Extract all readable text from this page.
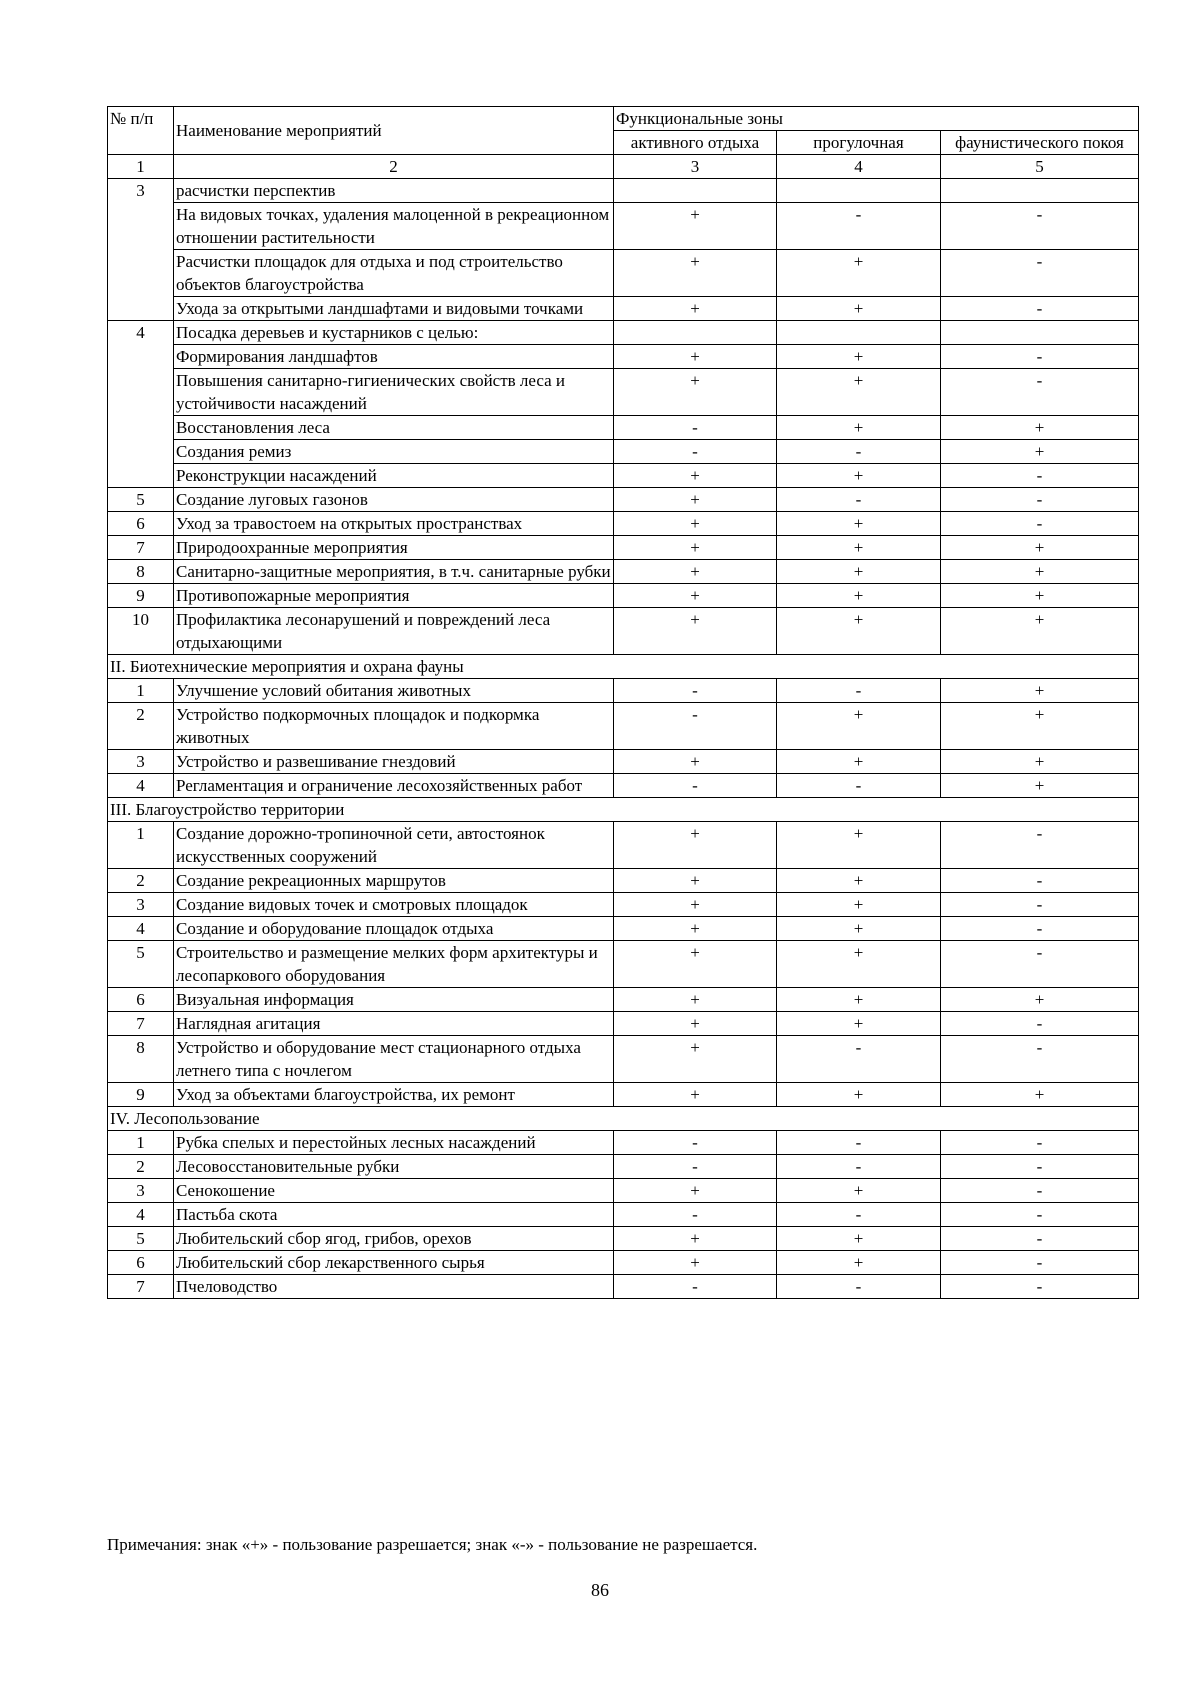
№ п/п	Наименование мероприятий	Функциональные зоны		
		активного отдыха	прогулочная	фаунистического покоя
1	2	3	4	5
3	расчистки перспектив			
	На видовых точках, удаления малоценной в рекреационном отношении растительности	+	-	-
	Расчистки площадок для отдыха и под строительство объектов благоустройства	+	+	-
	Ухода за открытыми ландшафтами и видовыми точками	+	+	-
4	Посадка деревьев и кустарников с целью:			
	Формирования ландшафтов	+	+	-
	Повышения санитарно-гигиенических свойств леса и устойчивости насаждений	+	+	-
	Восстановления леса	-	+	+
	Создания ремиз	-	-	+
	Реконструкции насаждений	+	+	-
5	Создание луговых газонов	+	-	-
6	Уход за травостоем на открытых пространствах	+	+	-
7	Природоохранные мероприятия	+	+	+
8	Санитарно-защитные мероприятия, в т.ч. санитарные рубки	+	+	+
9	Противопожарные мероприятия	+	+	+
10	Профилактика лесонарушений и повреждений леса отдыхающими	+	+	+
II. Биотехнические мероприятия и охрана фауны				
1	Улучшение условий обитания животных	-	-	+
2	Устройство подкормочных площадок и подкормка животных	-	+	+
3	Устройство и развешивание гнездовий	+	+	+
4	Регламентация и ограничение лесохозяйственных работ	-	-	+
III. Благоустройство территории				
1	Создание дорожно-тропиночной сети, автостоянок искусственных сооружений	+	+	-
2	Создание рекреационных маршрутов	+	+	-
3	Создание видовых точек и смотровых площадок	+	+	-
4	Создание и оборудование площадок отдыха	+	+	-
5	Строительство и размещение мелких форм архитектуры и лесопаркового оборудования	+	+	-
6	Визуальная информация	+	+	+
7	Наглядная агитация	+	+	-
8	Устройство и оборудование мест стационарного отдыха летнего типа с ночлегом	+	-	-
9	Уход за объектами благоустройства, их ремонт	+	+	+
IV. Лесопользование				
1	Рубка спелых и перестойных лесных насаждений	-	-	-
2	Лесовосстановительные рубки	-	-	-
3	Сенокошение	+	+	-
4	Пастьба скота	-	-	-
5	Любительский сбор ягод, грибов, орехов	+	+	-
6	Любительский сбор лекарственного сырья	+	+	-
7	Пчеловодство	-	-	-
Примечания: знак «+» - пользование разрешается; знак «-» - пользование не разрешается.
86
